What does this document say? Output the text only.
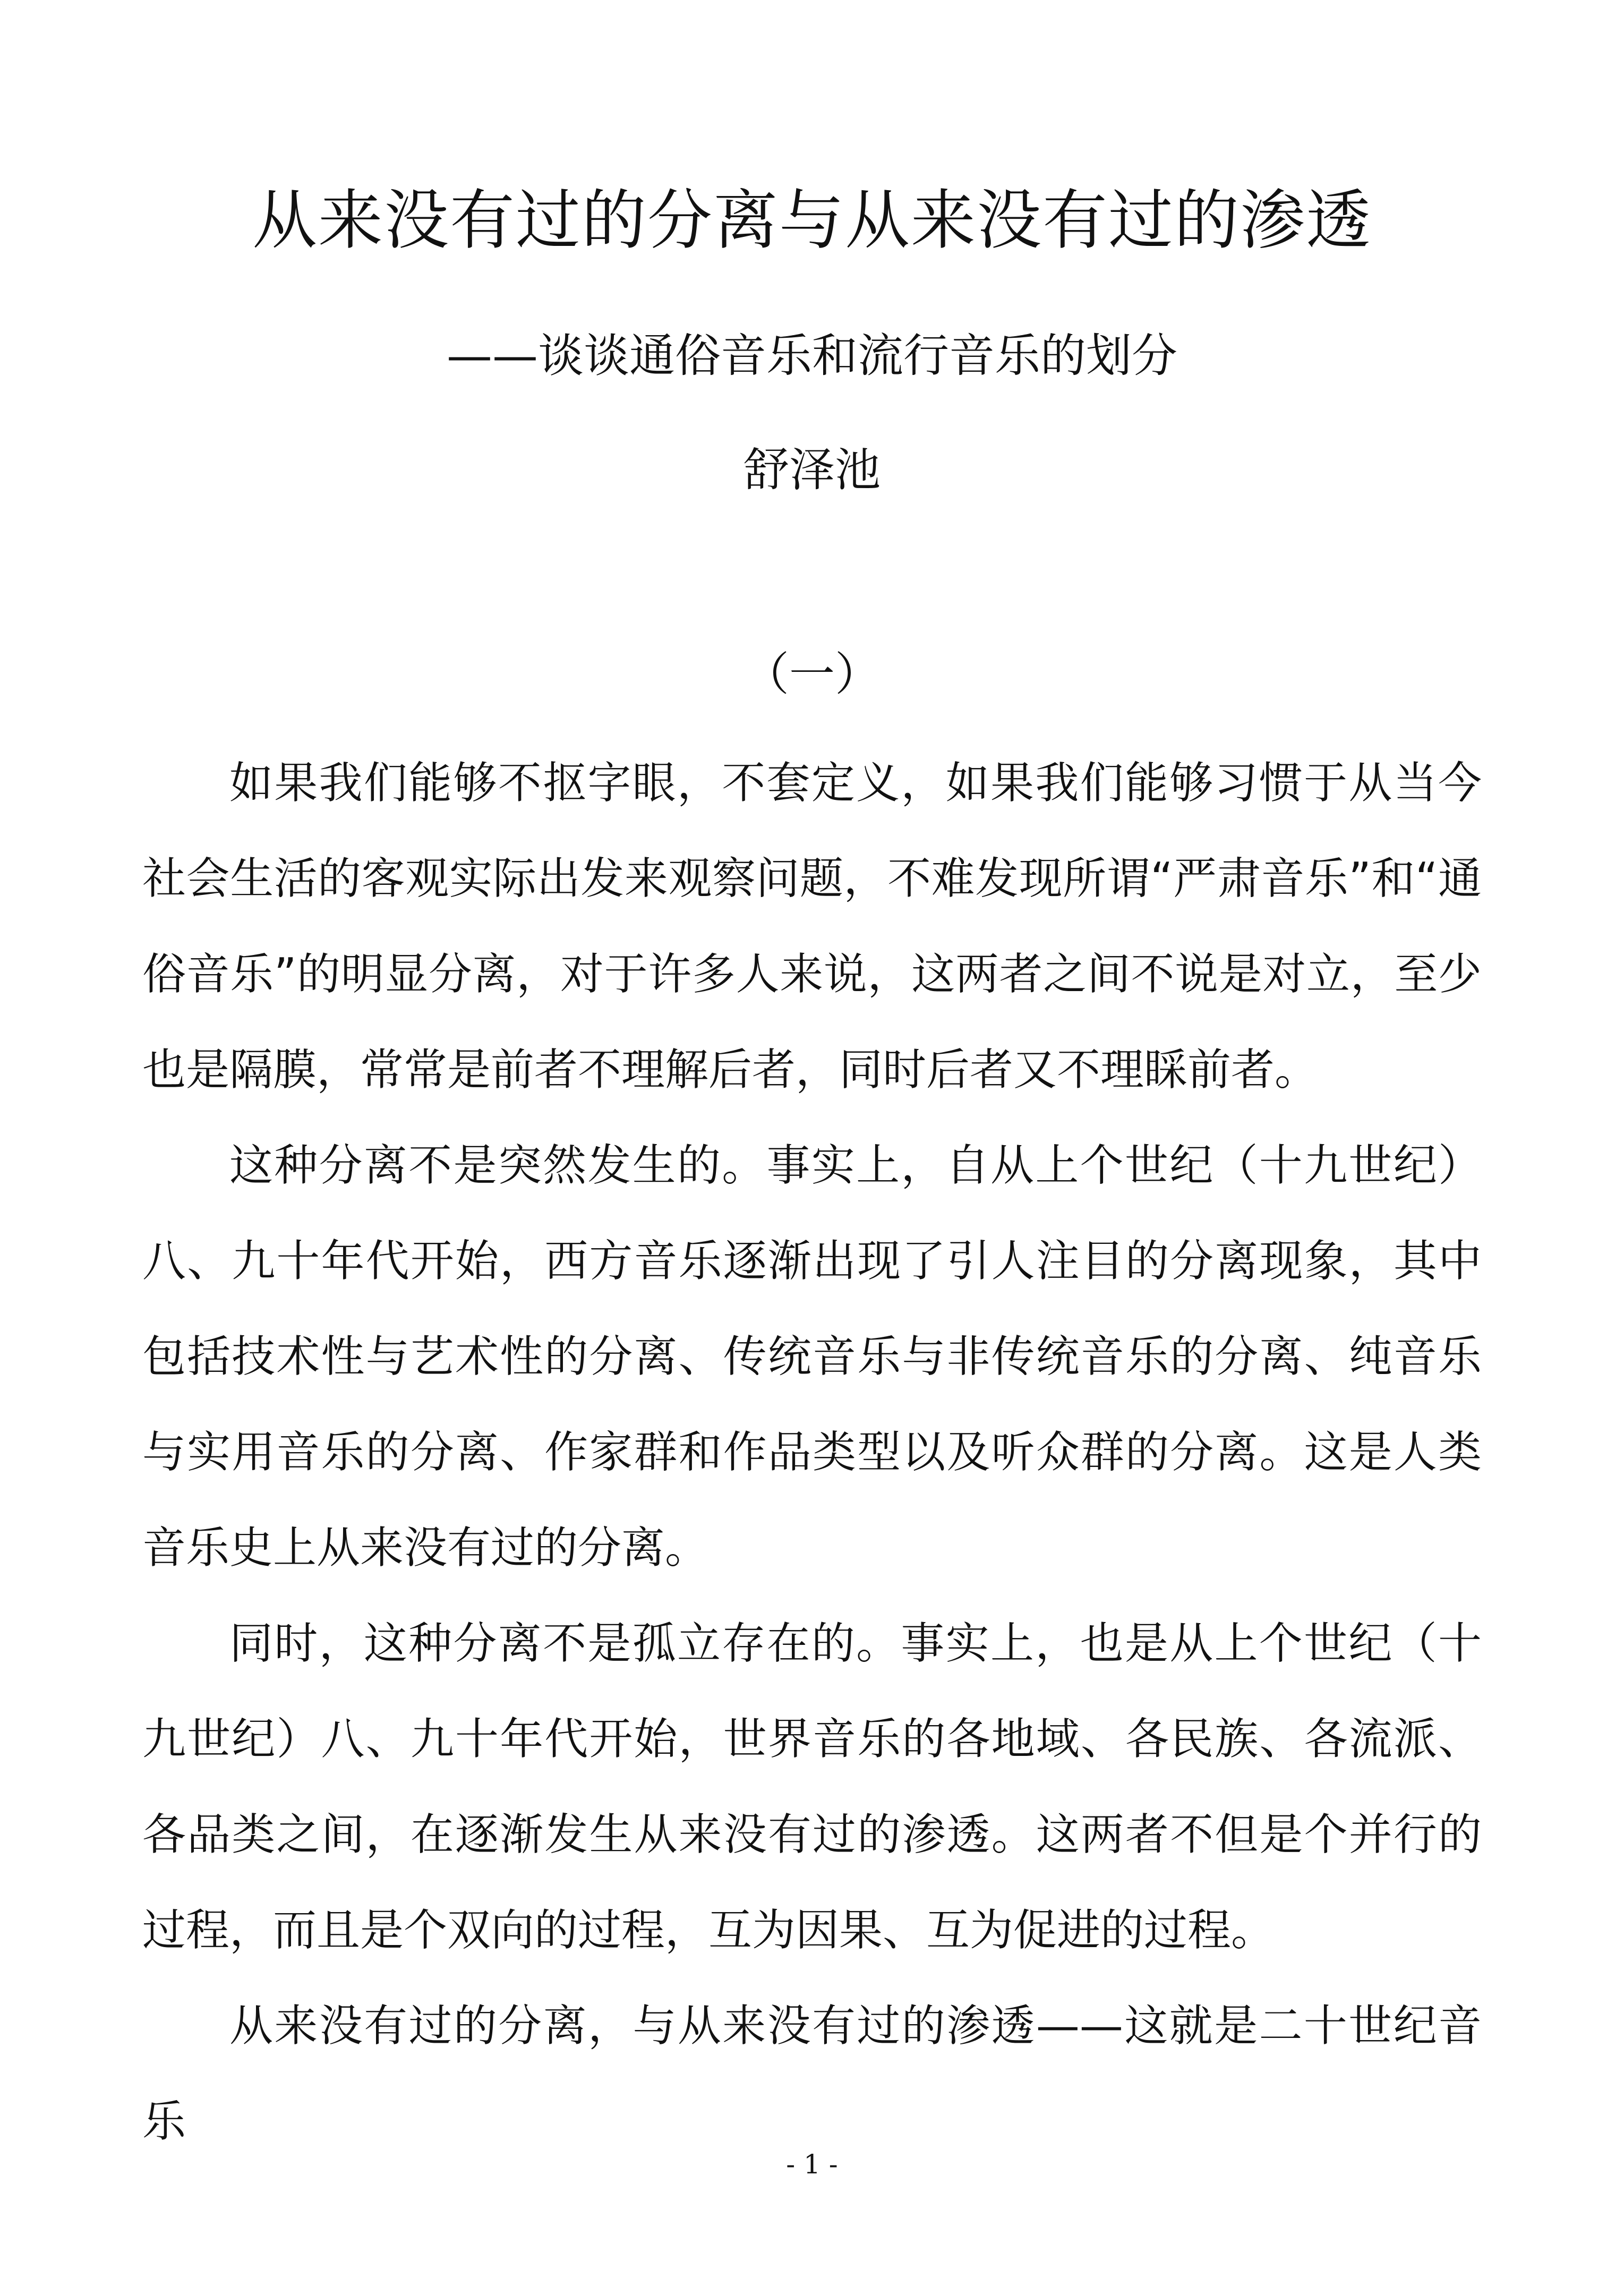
从来没有过的分离与从来没有过的渗透
——谈谈通俗音乐和流行音乐的划分
舒泽池
（一）

如果我们能够不抠字眼，不套定义，如果我们能够习惯于从当今社会生活的客观实际出发来观察问题，不难发现所谓“严肃音乐”和“通俗音乐”的明显分离，对于许多人来说，这两者之间不说是对立，至少也是隔膜，常常是前者不理解后者，同时后者又不理睬前者。

这种分离不是突然发生的。事实上，自从上个世纪（十九世纪）八、九十年代开始，西方音乐逐渐出现了引人注目的分离现象，其中包括技术性与艺术性的分离、传统音乐与非传统音乐的分离、纯音乐与实用音乐的分离、作家群和作品类型以及听众群的分离。这是人类音乐史上从来没有过的分离。

同时，这种分离不是孤立存在的。事实上，也是从上个世纪（十九世纪）八、九十年代开始，世界音乐的各地域、各民族、各流派、各品类之间，在逐渐发生从来没有过的渗透。这两者不但是个并行的过程，而且是个双向的过程，互为因果、互为促进的过程。

从来没有过的分离，与从来没有过的渗透——这就是二十世纪音乐

- 1 -
